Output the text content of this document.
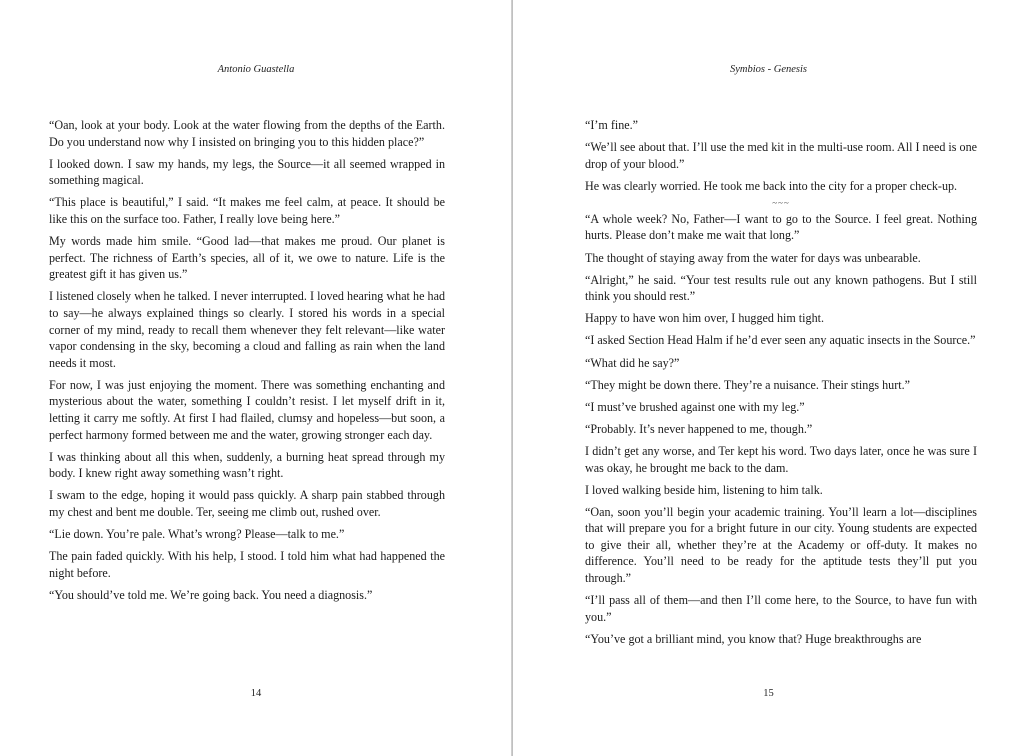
Antonio Guastella

“Oan, look at your body. Look at the water flowing from the depths of the Earth. Do you understand now why I insisted on bringing you to this hidden place?”

I looked down. I saw my hands, my legs, the Source—it all seemed wrapped in something magical.

“This place is beautiful,” I said. “It makes me feel calm, at peace. It should be like this on the surface too. Father, I really love being here.”

My words made him smile. “Good lad—that makes me proud. Our planet is perfect. The richness of Earth’s species, all of it, we owe to nature. Life is the greatest gift it has given us.”

I listened closely when he talked. I never interrupted. I loved hearing what he had to say—he always explained things so clearly. I stored his words in a special corner of my mind, ready to recall them whenever they felt relevant—like water vapor condensing in the sky, becoming a cloud and falling as rain when the land needs it most.

For now, I was just enjoying the moment. There was something enchanting and mysterious about the water, something I couldn’t resist. I let myself drift in it, letting it carry me softly. At first I had flailed, clumsy and hopeless—but soon, a perfect harmony formed between me and the water, growing stronger each day.

I was thinking about all this when, suddenly, a burning heat spread through my body. I knew right away something wasn’t right.

I swam to the edge, hoping it would pass quickly. A sharp pain stabbed through my chest and bent me double. Ter, seeing me climb out, rushed over.

“Lie down. You’re pale. What’s wrong? Please—talk to me.”

The pain faded quickly. With his help, I stood. I told him what had happened the night before.

“You should’ve told me. We’re going back. You need a diagnosis.”

14
Symbios - Genesis

“I’m fine.”

“We’ll see about that. I’ll use the med kit in the multi-use room. All I need is one drop of your blood.”

He was clearly worried. He took me back into the city for a proper check-up.

~~~

“A whole week? No, Father—I want to go to the Source. I feel great. Nothing hurts. Please don’t make me wait that long.”

The thought of staying away from the water for days was unbearable.

“Alright,” he said. “Your test results rule out any known pathogens. But I still think you should rest.”

Happy to have won him over, I hugged him tight.

“I asked Section Head Halm if he’d ever seen any aquatic insects in the Source.”

“What did he say?”

“They might be down there. They’re a nuisance. Their stings hurt.”

“I must’ve brushed against one with my leg.”

“Probably. It’s never happened to me, though.”

I didn’t get any worse, and Ter kept his word. Two days later, once he was sure I was okay, he brought me back to the dam.

I loved walking beside him, listening to him talk.

“Oan, soon you’ll begin your academic training. You’ll learn a lot—disciplines that will prepare you for a bright future in our city. Young students are expected to give their all, whether they’re at the Academy or off-duty. It makes no difference. You’ll need to be ready for the aptitude tests they’ll put you through.”

“I’ll pass all of them—and then I’ll come here, to the Source, to have fun with you.”

“You’ve got a brilliant mind, you know that? Huge breakthroughs are

15
